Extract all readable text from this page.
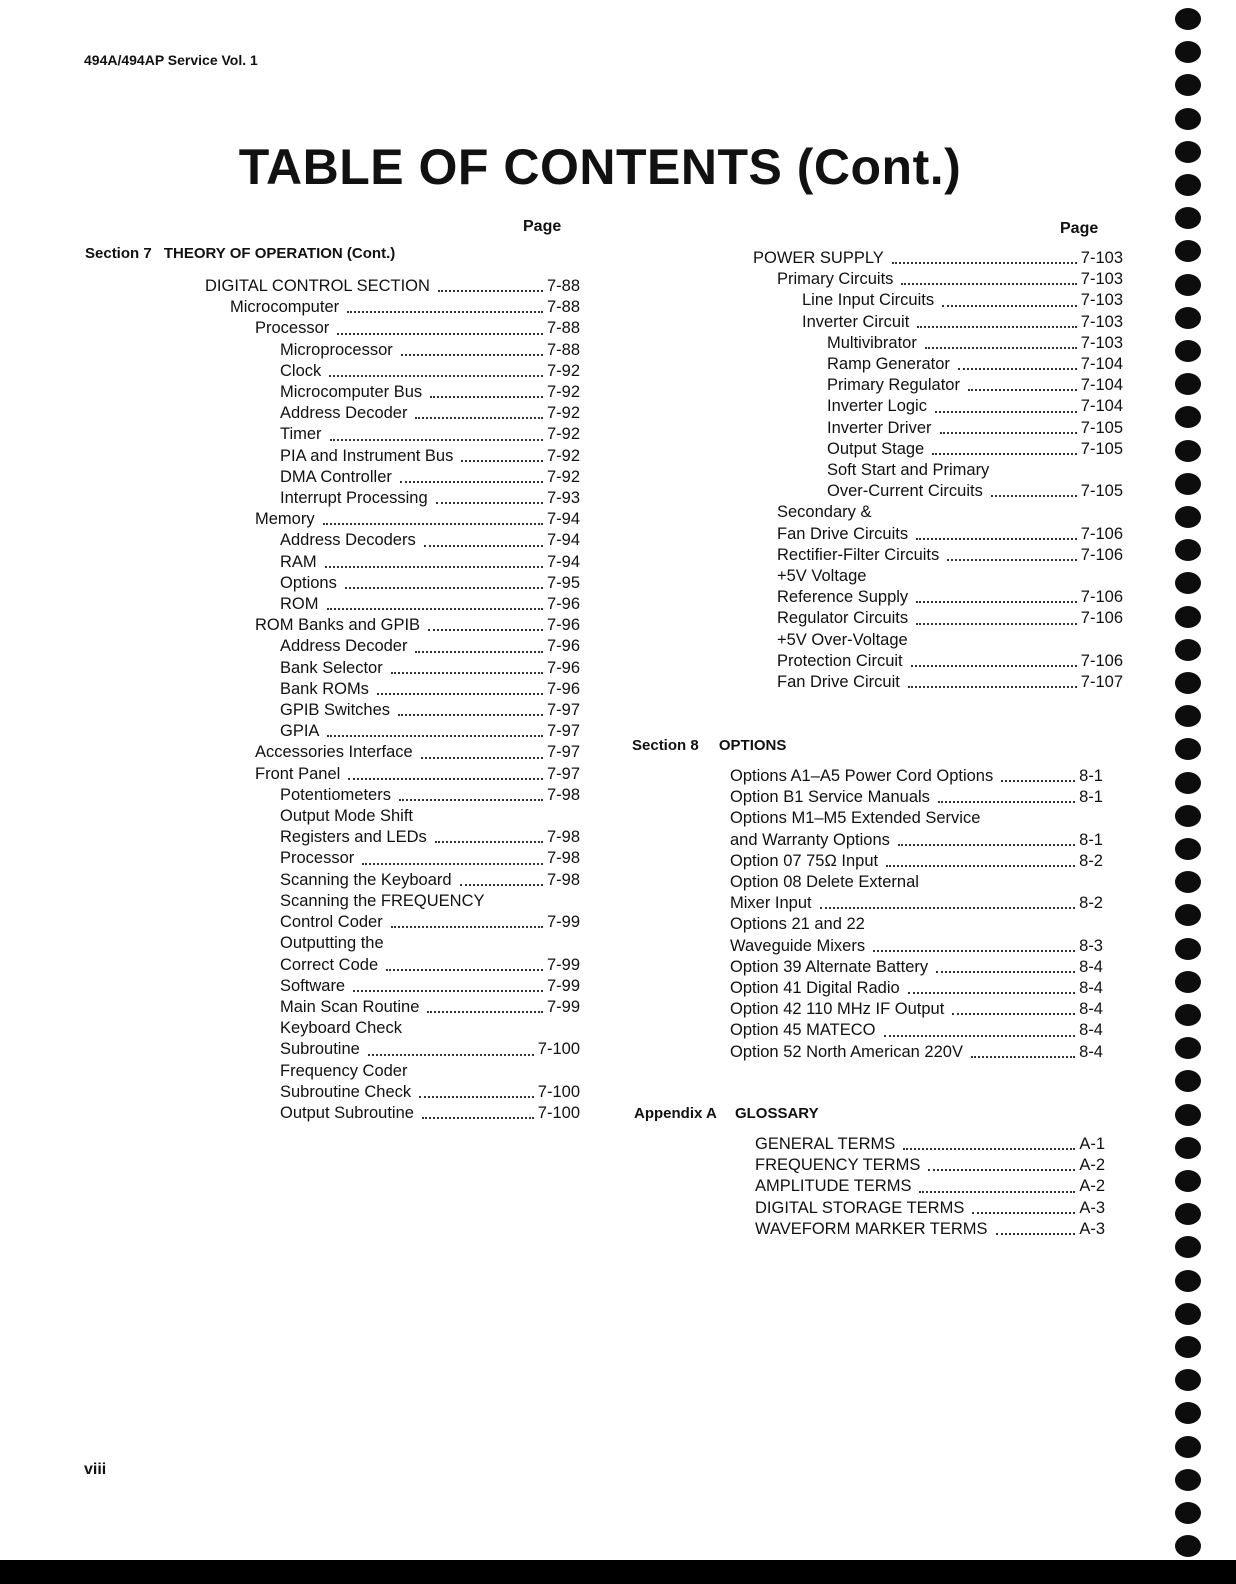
494A/494AP Service Vol. 1
TABLE OF CONTENTS (Cont.)
Page	Page
Section 7 THEORY OF OPERATION (Cont.)
DIGITAL CONTROL SECTION	7-88
Microcomputer	7-88
Processor	7-88
Microprocessor	7-88
Clock	7-92
Microcomputer Bus	7-92
Address Decoder	7-92
Timer	7-92
PIA and Instrument Bus	7-92
DMA Controller	7-92
Interrupt Processing	7-93
Memory	7-94
Address Decoders	7-94
RAM	7-94
Options	7-95
ROM	7-96
ROM Banks and GPIB	7-96
Address Decoder	7-96
Bank Selector	7-96
Bank ROMs	7-96
GPIB Switches	7-97
GPIA	7-97
Accessories Interface	7-97
Front Panel	7-97
Potentiometers	7-98
Output Mode Shift
Registers and LEDs	7-98
Processor	7-98
Scanning the Keyboard	7-98
Scanning the FREQUENCY
Control Coder	7-99
Outputting the
Correct Code	7-99
Software	7-99
Main Scan Routine	7-99
Keyboard Check
Subroutine	7-100
Frequency Coder
Subroutine Check	7-100
Output Subroutine	7-100
POWER SUPPLY	7-103
Primary Circuits	7-103
Line Input Circuits	7-103
Inverter Circuit	7-103
Multivibrator	7-103
Ramp Generator	7-104
Primary Regulator	7-104
Inverter Logic	7-104
Inverter Driver	7-105
Output Stage	7-105
Soft Start and Primary
Over-Current Circuits	7-105
Secondary &
Fan Drive Circuits	7-106
Rectifier-Filter Circuits	7-106
+5V Voltage
Reference Supply	7-106
Regulator Circuits	7-106
+5V Over-Voltage
Protection Circuit	7-106
Fan Drive Circuit	7-107
Section 8 OPTIONS
Options A1–A5 Power Cord Options	8-1
Option B1 Service Manuals	8-1
Options M1–M5 Extended Service
and Warranty Options	8-1
Option 07 75Ω Input	8-2
Option 08 Delete External
Mixer Input	8-2
Options 21 and 22
Waveguide Mixers	8-3
Option 39 Alternate Battery	8-4
Option 41 Digital Radio	8-4
Option 42 110 MHz IF Output	8-4
Option 45 MATECO	8-4
Option 52 North American 220V	8-4
Appendix A GLOSSARY
GENERAL TERMS	A-1
FREQUENCY TERMS	A-2
AMPLITUDE TERMS	A-2
DIGITAL STORAGE TERMS	A-3
WAVEFORM MARKER TERMS	A-3
viii
